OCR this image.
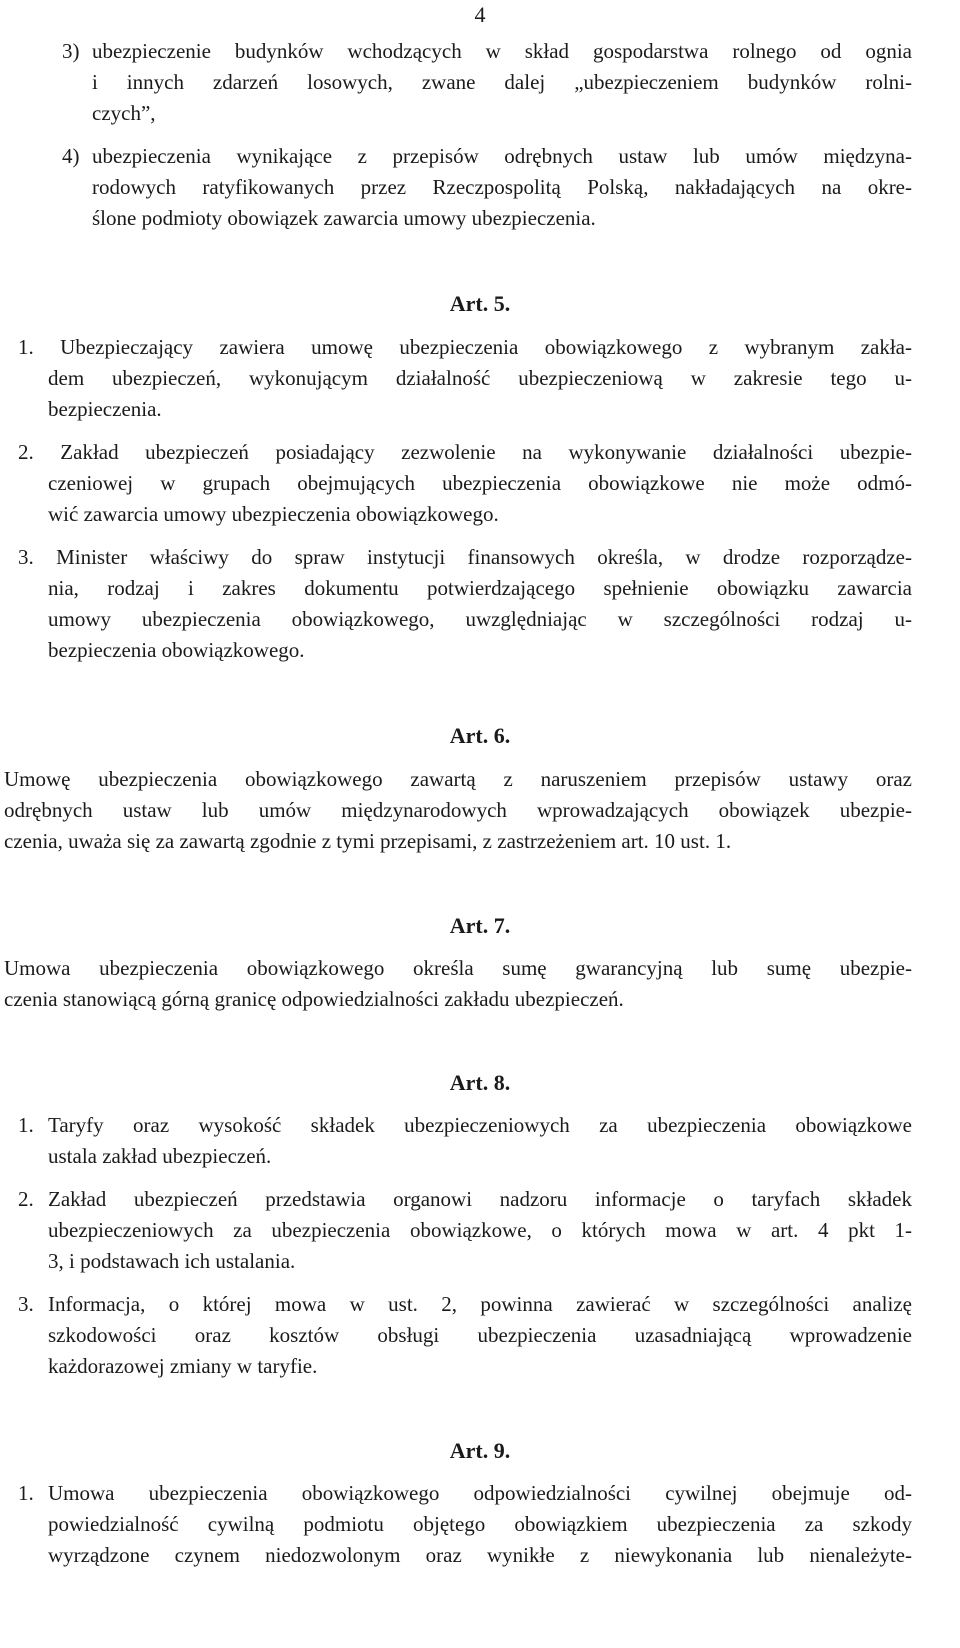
4
3) ubezpieczenie budynków wchodzących w skład gospodarstwa rolnego od ognia
i innych zdarzeń losowych, zwane dalej „ubezpieczeniem budynków rolni-
czych”,
4) ubezpieczenia wynikające z przepisów odrębnych ustaw lub umów międzyna-
rodowych ratyfikowanych przez Rzeczpospolitą Polską, nakładających na okre-
ślone podmioty obowiązek zawarcia umowy ubezpieczenia.
Art. 5.
1. Ubezpieczający zawiera umowę ubezpieczenia obowiązkowego z wybranym zakła-
dem ubezpieczeń, wykonującym działalność ubezpieczeniową w zakresie tego u-
bezpieczenia.
2. Zakład ubezpieczeń posiadający zezwolenie na wykonywanie działalności ubezpie-
czeniowej w grupach obejmujących ubezpieczenia obowiązkowe nie może odmó-
wić zawarcia umowy ubezpieczenia obowiązkowego.
3. Minister właściwy do spraw instytucji finansowych określa, w drodze rozporządze-
nia, rodzaj i zakres dokumentu potwierdzającego spełnienie obowiązku zawarcia
umowy ubezpieczenia obowiązkowego, uwzględniając w szczególności rodzaj u-
bezpieczenia obowiązkowego.
Art. 6.
Umowę ubezpieczenia obowiązkowego zawartą z naruszeniem przepisów ustawy oraz
odrębnych ustaw lub umów międzynarodowych wprowadzających obowiązek ubezpie-
czenia, uważa się za zawartą zgodnie z tymi przepisami, z zastrzeżeniem art. 10 ust. 1.
Art. 7.
Umowa ubezpieczenia obowiązkowego określa sumę gwarancyjną lub sumę ubezpie-
czenia stanowiącą górną granicę odpowiedzialności zakładu ubezpieczeń.
Art. 8.
1. Taryfy oraz wysokość składek ubezpieczeniowych za ubezpieczenia obowiązkowe
ustala zakład ubezpieczeń.
2. Zakład ubezpieczeń przedstawia organowi nadzoru informacje o taryfach składek
ubezpieczeniowych za ubezpieczenia obowiązkowe, o których mowa w art. 4 pkt 1-
3, i podstawach ich ustalania.
3. Informacja, o której mowa w ust. 2, powinna zawierać w szczególności analizę
szkodowości oraz kosztów obsługi ubezpieczenia uzasadniającą wprowadzenie
każdorazowej zmiany w taryfie.
Art. 9.
1. Umowa ubezpieczenia obowiązkowego odpowiedzialności cywilnej obejmuje od-
powiedzialność cywilną podmiotu objętego obowiązkiem ubezpieczenia za szkody
wyrządzone czynem niedozwolonym oraz wynikłe z niewykonania lub nienależyte-
